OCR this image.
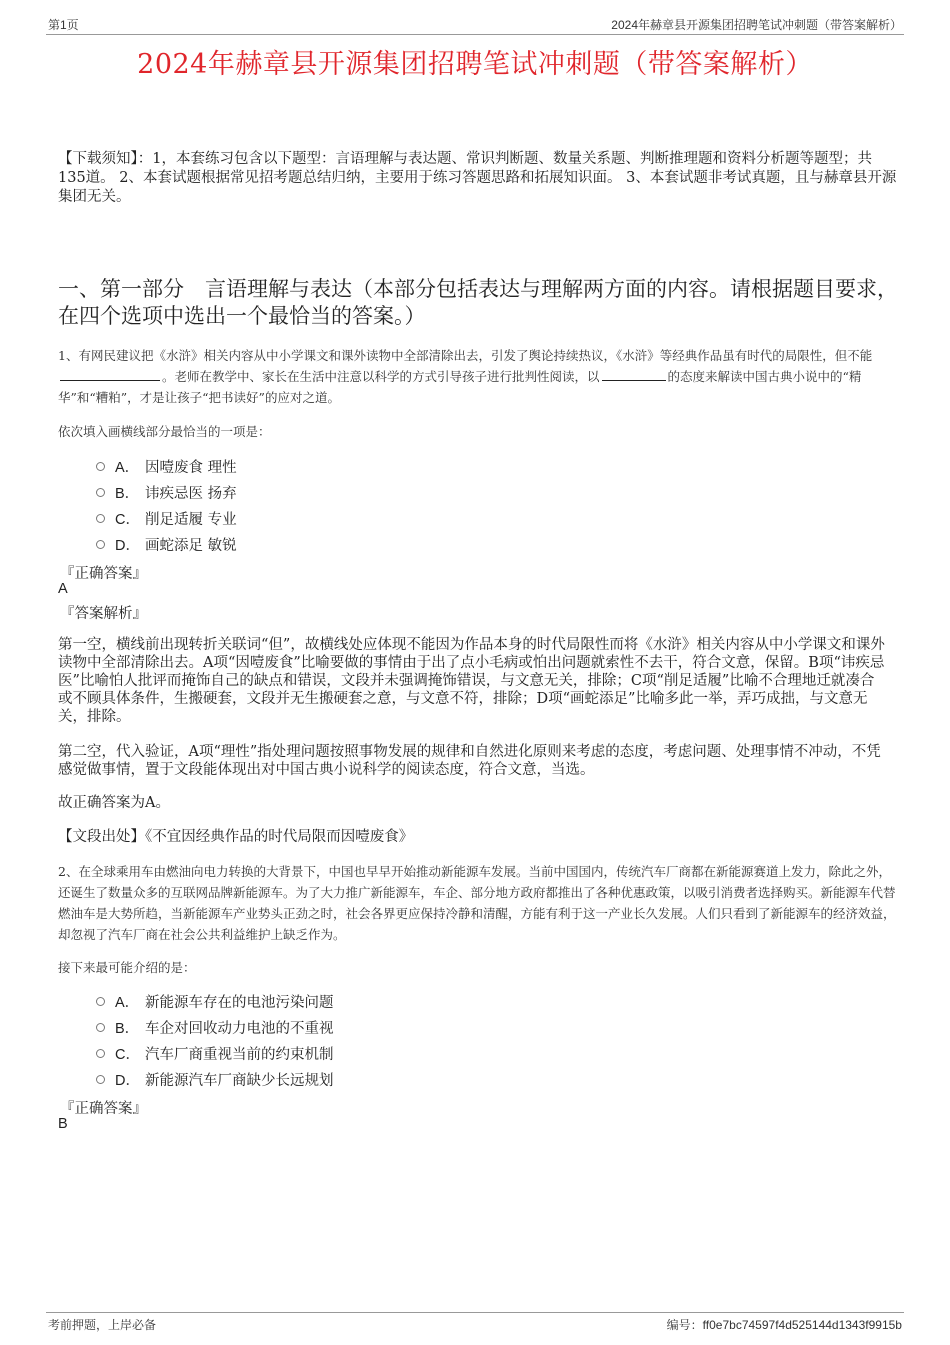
第1页	2024年赫章县开源集团招聘笔试冲刺题（带答案解析）
2024年赫章县开源集团招聘笔试冲刺题（带答案解析）
【下载须知】：1，本套练习包含以下题型：言语理解与表达题、常识判断题、数量关系题、判断推理题和资料分析题等题型；共135道。 2、本套试题根据常见招考题总结归纳，主要用于练习答题思路和拓展知识面。 3、本套试题非考试真题，且与赫章县开源集团无关。
一、第一部分　言语理解与表达（本部分包括表达与理解两方面的内容。请根据题目要求，在四个选项中选出一个最恰当的答案。）
1、有网民建议把《水浒》相关内容从中小学课文和课外读物中全部清除出去，引发了舆论持续热议，《水浒》等经典作品虽有时代的局限性，但不能。老师在教学中、家长在生活中注意以科学的方式引导孩子进行批判性阅读，以	的态度来解读中国古典小说中的“精华”和“糟粕”，才是让孩子“把书读好”的应对之道。
依次填入画横线部分最恰当的一项是：
A． 因噎废食 理性
B． 讳疾忌医 扬弃
C． 削足适履 专业
D． 画蛇添足 敏锐
『正确答案』
A
『答案解析』
第一空，横线前出现转折关联词“但”，故横线处应体现不能因为作品本身的时代局限性而将《水浒》相关内容从中小学课文和课外读物中全部清除出去。A项“因噎废食”比喻要做的事情由于出了点小毛病或怕出问题就索性不去干，符合文意，保留。B项“讳疾忌医”比喻怕人批评而掩饰自己的缺点和错误，文段并未强调掩饰错误，与文意无关，排除；C项“削足适履”比喻不合理地迁就凑合或不顾具体条件，生搬硬套，文段并无生搬硬套之意，与文意不符，排除；D项“画蛇添足”比喻多此一举，弄巧成拙，与文意无关，排除。
第二空，代入验证，A项“理性”指处理问题按照事物发展的规律和自然进化原则来考虑的态度，考虑问题、处理事情不冲动，不凭感觉做事情，置于文段能体现出对中国古典小说科学的阅读态度，符合文意，当选。
故正确答案为A。
【文段出处】《不宜因经典作品的时代局限而因噎废食》
2、在全球乘用车由燃油向电力转换的大背景下，中国也早早开始推动新能源车发展。当前中国国内，传统汽车厂商都在新能源赛道上发力，除此之外，还诞生了数量众多的互联网品牌新能源车。为了大力推广新能源车，车企、部分地方政府都推出了各种优惠政策，以吸引消费者选择购买。新能源车代替燃油车是大势所趋，当新能源车产业势头正劲之时，社会各界更应保持冷静和清醒，方能有利于这一产业长久发展。人们只看到了新能源车的经济效益，却忽视了汽车厂商在社会公共利益维护上缺乏作为。
接下来最可能介绍的是：
A． 新能源车存在的电池污染问题
B． 车企对回收动力电池的不重视
C． 汽车厂商重视当前的约束机制
D． 新能源汽车厂商缺少长远规划
『正确答案』
B
考前押题，上岸必备	编号：ff0e7bc74597f4d525144d1343f9915b
